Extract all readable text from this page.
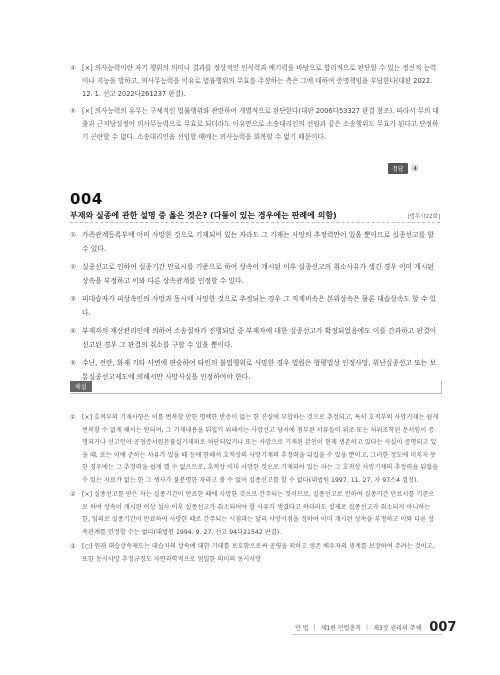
④ [×] 의사능력이란 자기 행위의 의미나 결과를 정상적인 인식력과 예기력을 바탕으로 합리적으로 판단할 수 있는 정신적 능력이나 지능을 말하고, 의사무능력을 이유로 법률행위의 무효를 주장하는 측은 그에 대하여 증명책임을 부담한다(대판 2022. 12. 1. 선고 2022다261237 판결).
⑤ [×] 의사능력의 유무는 구체적인 법률행위와 관련하여 개별적으로 판단한다(대판 2006다53327 판결 참조). 따라서 무의 대출과 근저당설정이 의사무능력으로 무효로 되더라도 이유만으로 소송대리인의 선임과 같은 소송행위도 무효가 된다고 단정하기 곤란할 수 없다. 소송대리인을 선임할 때에는 의사능력을 회복할 수 없기 때문이다.
정답	④
004
부재와 실종에 관한 설명 중 옳은 것은? (다툼이 있는 경우에는 판례에 의함)	[법무사22회]
① 가족관계등록부에 이미 사망한 것으로 기재되어 있는 자라도 그 기재는 사망의 추정력만이 있을 뿐이므로 실종선고를 할 수 있다.
② 실종선고로 인하여 실종기간 만료시를 기준으로 하여 상속이 개시된 이후 실종선고의 취소사유가 생긴 경우 이미 개시된 상속을 부정하고 이와 다른 상속관계를 인정할 수 있다.
③ 피대습자가 피상속인의 사망과 동시에 사망한 것으로 추정되는 경우 그 직계비속은 본위상속은 물론 대습상속도 할 수 있다.
④ 부재자의 재산관리인에 의하여 소송절차가 진행되던 중 부재자에 대한 실종선고가 확정되었음에도 이를 간과하고 판결이 선고된 경우 그 판결의 취소를 구할 수 있을 뿐이다.
⑤ 수난, 전란, 화재 기타 사변에 편승하여 타인의 불법행위로 사망한 경우 법원은 형평법상 인정사망, 위난실종선고 또는 보통실종선고제도에 의해서만 사망사실을 인정하여야 한다.
해설
①	[×] 호적부의 기재사항은 이를 번복할 만한 명백한 반증이 없는 한 진실에 부합하는 것으로 추정되고, 특히 호적부의 사망기재는 쉽게 번복할 수 없게 해서는 안되며, 그 기재내용을 뒤집기 위해서는 사망신고 당시에 첨부된 서류들이 위조 또는 허위조작된 문서임이 증명되거나 신고인이 공정증서원본불실기재죄로 처단되었거나 또는 사망으로 기재된 본인이 현재 생존하고 있다는 사실이 증명되고 있을 때, 또는 이에 준하는 사유가 있을 때 등에 한해서 호적상의 사망기재의 추정력을 뒤집을 수 있을 뿐이고, 그러한 정도에 미치지 못한 경우에는 그 추정력을 쉽게 깰 수 없으므로, 호적상 이미 사망한 것으로 기재되어 있는 자는 그 호적상 사망기재의 추정력을 뒤집을 수 있는 자료가 없는 한 그 생사가 불분명한 자라고 볼 수 없어 실종선고를 할 수 없다(대법원 1997. 11. 27. 자 97스4 결정).
②	[×] 실종선고를 받은 자는 실종기간이 만료한 때에 사망한 것으로 간주되는 것이므로, 실종선고로 인하여 실종기간 만료시를 기준으로 하여 상속이 개시된 이상 설사 이후 실종선고가 취소되어야 할 사유가 생겼다고 하더라도 실제로 실종선고가 취소되지 아니하는 한, 임의로 실종기간이 만료하여 사망한 때로 간주되는 시점과는 달리 사망시점을 정하여 이미 개시된 상속을 부정하고 이와 다른 상속관계를 인정할 수는 없다(대법원 1994. 9. 27. 선고 94다21542 판결).
③	[○] 원래 대습상속제도는 대습자의 상속에 대한 기대를 보호함으로써 공평을 꾀하고 생존 배우자의 생계를 보장하여 주려는 것이고, 또한 동시사망 추정규정도 자연과학적으로 엄밀한 의미의 동시사망
민 법 | 제1편 민법총칙 | 제3장 권리의 주체 007
